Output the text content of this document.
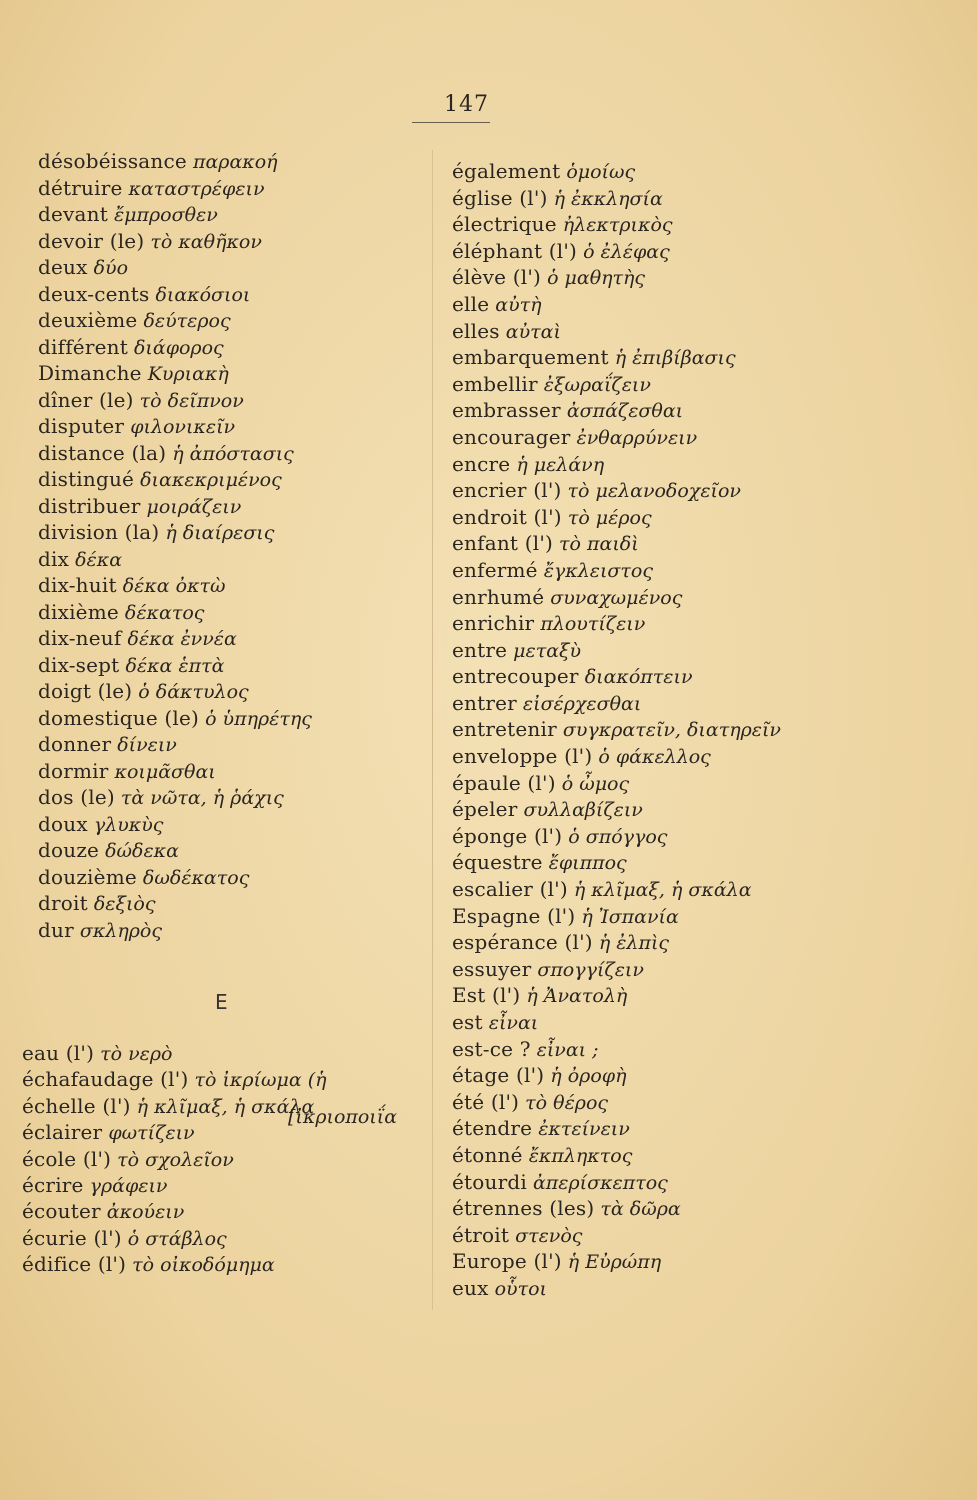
147
désobéissance παρακοή
détruire καταστρέφειν
devant ἔμπροσθεν
devoir (le) τὸ καθῆκον
deux δύο
deux-cents διακόσιοι
deuxième δεύτερος
différent διάφορος
Dimanche Κυριακὴ
dîner (le) τὸ δεῖπνον
disputer φιλονικεῖν
distance (la) ἡ ἀπόστασις
distingué διακεκριμένος
distribuer μοιράζειν
division (la) ἡ διαίρεσις
dix δέκα
dix-huit δέκα ὀκτὼ
dixième δέκατος
dix-neuf δέκα ἐννέα
dix-sept δέκα ἑπτὰ
doigt (le) ὁ δάκτυλος
domestique (le) ὁ ὑπηρέτης
donner δίνειν
dormir κοιμᾶσθαι
dos (le) τὰ νῶτα, ἡ ῥάχις
doux γλυκὺς
douze δώδεκα
douzième δωδέκατος
droit δεξιὸς
dur σκληρὸς
E
eau (l') τὸ νερὸ
échafaudage (l') τὸ ἰκρίωμα (ἡ
échelle (l') ἡ κλῖμαξ, ἡ σκάλα
éclairer φωτίζειν
école (l') τὸ σχολεῖον
écrire γράφειν
écouter ἀκούειν
écurie (l') ὁ στάβλος
édifice (l') τὸ οἰκοδόμημα
[ἰκριοποιΐα
également ὁμοίως
église (l') ἡ ἐκκλησία
électrique ἠλεκτρικὸς
éléphant (l') ὁ ἐλέφας
élève (l') ὁ μαθητὴς
elle αὐτὴ
elles αὐταὶ
embarquement ἡ ἐπιβίβασις
embellir ἐξωραΐζειν
embrasser ἀσπάζεσθαι
encourager ἐνθαρρύνειν
encre ἡ μελάνη
encrier (l') τὸ μελανοδοχεῖον
endroit (l') τὸ μέρος
enfant (l') τὸ παιδὶ
enfermé ἔγκλειστος
enrhumé συναχωμένος
enrichir πλουτίζειν
entre μεταξὺ
entrecouper διακόπτειν
entrer εἰσέρχεσθαι
entretenir συγκρατεῖν, διατηρεῖν
enveloppe (l') ὁ φάκελλος
épaule (l') ὁ ὦμος
épeler συλλαβίζειν
éponge (l') ὁ σπόγγος
équestre ἔφιππος
escalier (l') ἡ κλῖμαξ, ἡ σκάλα
Espagne (l') ἡ Ἰσπανία
espérance (l') ἡ ἐλπὶς
essuyer σπογγίζειν
Est (l') ἡ Ἀνατολὴ
est εἶναι
est-ce ? εἶναι ;
étage (l') ἡ ὀροφὴ
été (l') τὸ θέρος
étendre ἐκτείνειν
étonné ἔκπληκτος
étourdi ἀπερίσκεπτος
étrennes (les) τὰ δῶρα
étroit στενὸς
Europe (l') ἡ Εὐρώπη
eux οὗτοι
